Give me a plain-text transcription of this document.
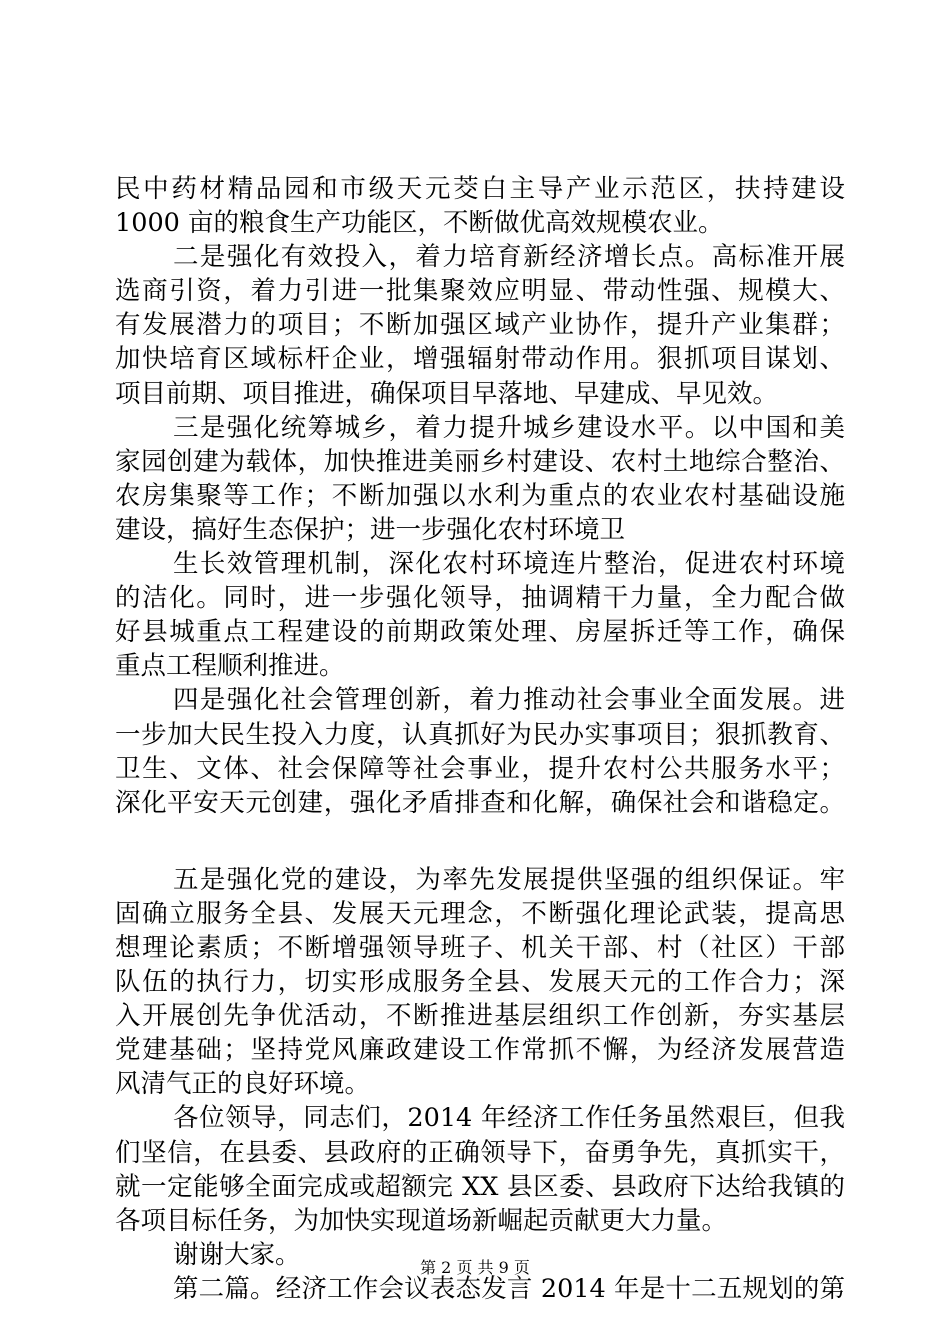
民中药材精品园和市级天元茭白主导产业示范区，扶持建设
1000 亩的粮食生产功能区，不断做优高效规模农业。
二是强化有效投入，着力培育新经济增长点。高标准开展
选商引资，着力引进一批集聚效应明显、带动性强、规模大、
有发展潜力的项目；不断加强区域产业协作，提升产业集群；
加快培育区域标杆企业，增强辐射带动作用。狠抓项目谋划、
项目前期、项目推进，确保项目早落地、早建成、早见效。
三是强化统筹城乡，着力提升城乡建设水平。以中国和美
家园创建为载体，加快推进美丽乡村建设、农村土地综合整治、
农房集聚等工作；不断加强以水利为重点的农业农村基础设施
建设，搞好生态保护；进一步强化农村环境卫
生长效管理机制，深化农村环境连片整治，促进农村环境
的洁化。同时，进一步强化领导，抽调精干力量，全力配合做
好县城重点工程建设的前期政策处理、房屋拆迁等工作，确保
重点工程顺利推进。
四是强化社会管理创新，着力推动社会事业全面发展。进
一步加大民生投入力度，认真抓好为民办实事项目；狠抓教育、
卫生、文体、社会保障等社会事业，提升农村公共服务水平；
深化平安天元创建，强化矛盾排查和化解，确保社会和谐稳定。
五是强化党的建设，为率先发展提供坚强的组织保证。牢
固确立服务全县、发展天元理念，不断强化理论武装，提高思
想理论素质；不断增强领导班子、机关干部、村（社区）干部
队伍的执行力，切实形成服务全县、发展天元的工作合力；深
入开展创先争优活动，不断推进基层组织工作创新，夯实基层
党建基础；坚持党风廉政建设工作常抓不懈，为经济发展营造
风清气正的良好环境。
各位领导，同志们，2014 年经济工作任务虽然艰巨，但我
们坚信，在县委、县政府的正确领导下，奋勇争先，真抓实干，
就一定能够全面完成或超额完 XX 县区委、县政府下达给我镇的
各项目标任务，为加快实现道场新崛起贡献更大力量。
谢谢大家。
第二篇。经济工作会议表态发言 2014 年是十二五规划的第
第 2 页 共 9 页
